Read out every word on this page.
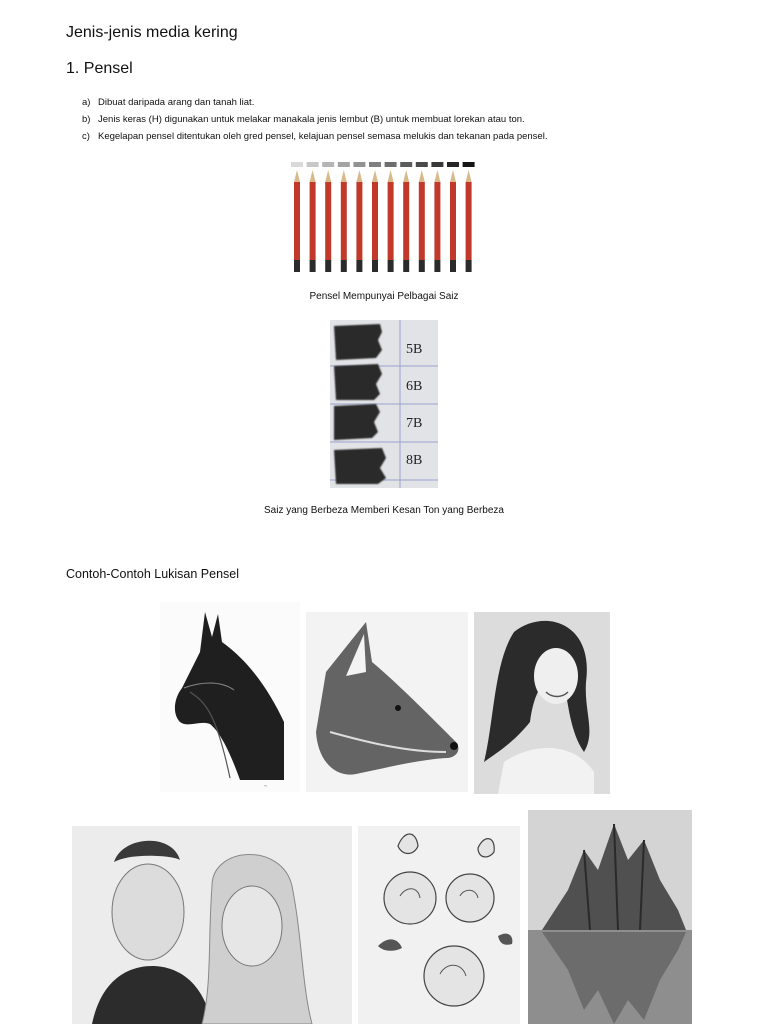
Jenis-jenis media kering
1. Pensel
a) Dibuat daripada arang dan tanah liat.
b) Jenis keras (H) digunakan untuk melakar manakala jenis lembut (B) untuk membuat lorekan atau ton.
c) Kegelapan pensel ditentukan oleh gred pensel, kelajuan pensel semasa melukis dan tekanan pada pensel.
Pensel Mempunyai Pelbagai Saiz
5B
6B
7B
8B
Saiz yang Berbeza Memberi Kesan Ton yang Berbeza
Contoh-Contoh Lukisan Pensel
~
